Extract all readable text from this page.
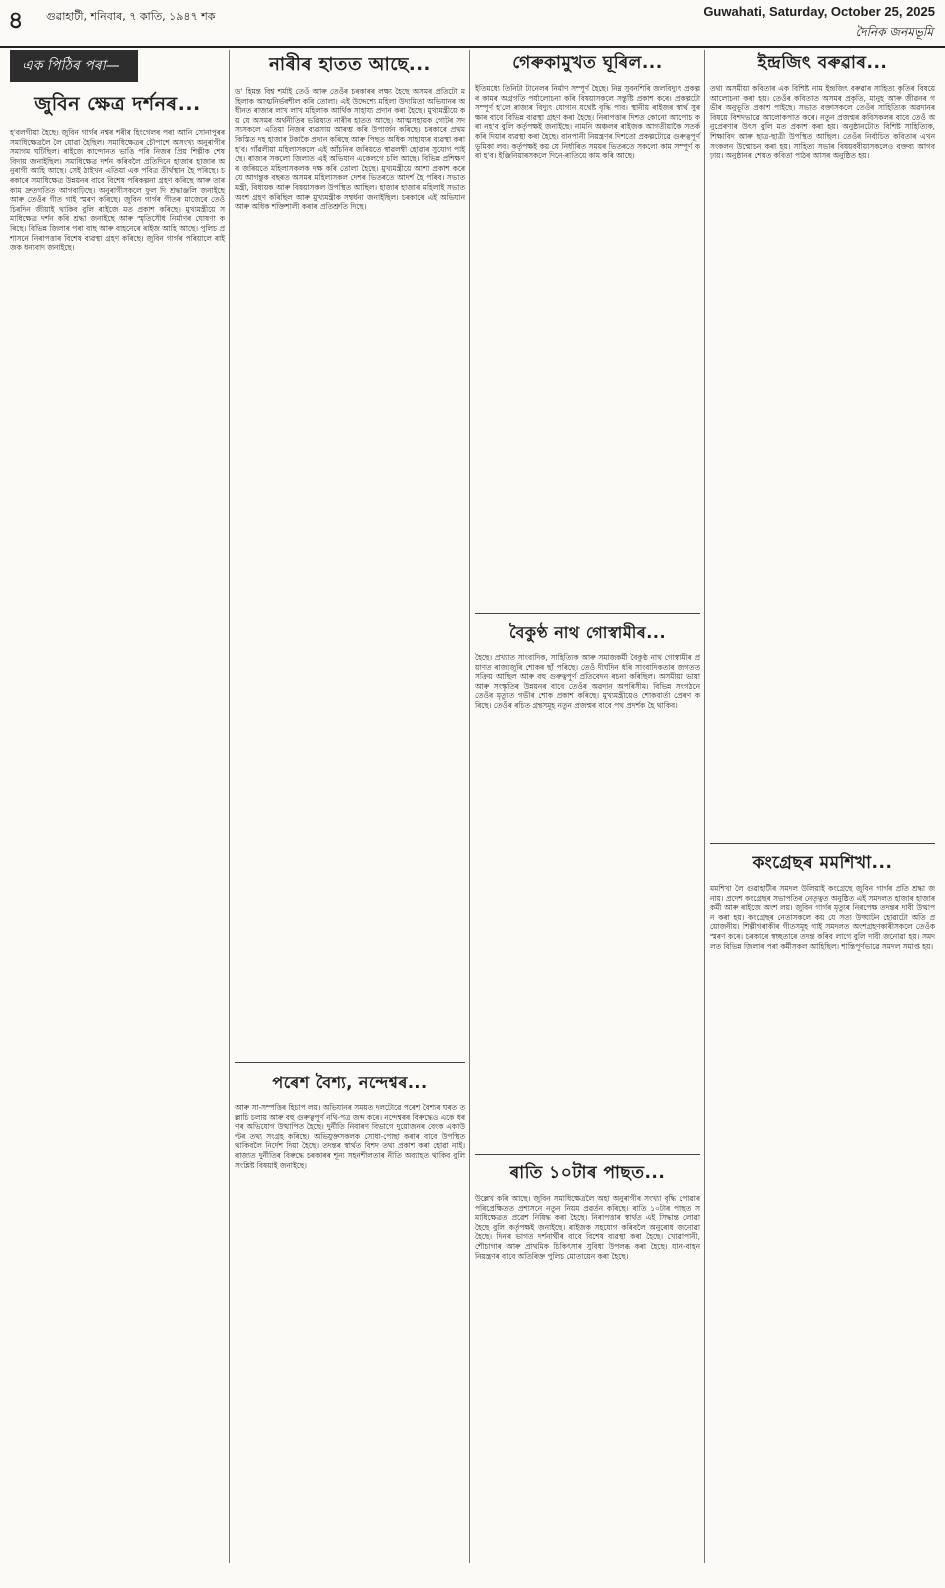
৪ গুৱাহাটী, শনিবাৰ, ৭ কাতি, ১৯৪৭ শক	Guwahati, Saturday, October 25, 2025
দৈনিক জনমভূমি
এক পিঠিৰ পৰা—
জুবিন ক্ষেত্ৰ দৰ্শনৰ...
হ'বলগীয়া হৈছে। জুবিন গাৰ্গৰ নশ্বৰ শৰীৰ হিংগেলৰ পৰা আনি সোনাপুৰৰ সমাধিক্ষেত্ৰলৈ লৈ যোৱা হৈছিল। সমাধিক্ষেত্ৰৰ চৌপাশে অসংখ্য অনুৰাগীৰ সমাগম ঘটিছিল। ৰাইজে কান্দোনত ভাঙি পৰি নিজৰ প্ৰিয় শিল্পীক শেষ বিদায় জনাইছিল। সমাধিক্ষেত্ৰ দৰ্শন কৰিবলৈ প্ৰতিদিনে হাজাৰ হাজাৰ অনুৰাগী আহি আছে। সেই ঠাইখন এতিয়া এক পবিত্ৰ তীৰ্থস্থান হৈ পৰিছে। চৰকাৰে সমাধিক্ষেত্ৰ উন্নয়নৰ বাবে বিশেষ পৰিকল্পনা গ্ৰহণ কৰিছে আৰু তাৰ কাম দ্ৰুতগতিত আগবাঢ়িছে। অনুৰাগীসকলে ফুল দি শ্ৰদ্ধাঞ্জলি জনাইছে আৰু তেওঁৰ গীত গাই স্মৰণ কৰিছে। জুবিন গাৰ্গৰ গীতৰ মাজেৰে তেওঁ চিৰদিন জীয়াই থাকিব বুলি ৰাইজে মত প্ৰকাশ কৰিছে। মুখ্যমন্ত্ৰীয়ে সমাধিক্ষেত্ৰ দৰ্শন কৰি শ্ৰদ্ধা জনাইছে আৰু স্মৃতিসৌধ নিৰ্মাণৰ ঘোষণা কৰিছে। বিভিন্ন জিলাৰ পৰা বাছ আৰু বাহনেৰে ৰাইজ আহি আছে। পুলিচ প্ৰশাসনে নিৰাপত্তাৰ বিশেষ ব্যৱস্থা গ্ৰহণ কৰিছে। জুবিন গাৰ্গৰ পৰিয়ালে ৰাইজক ধন্যবাদ জনাইছে।
নাৰীৰ হাতত আছে...
ড' হিমন্ত বিশ্ব শৰ্মাই তেওঁ আৰু তেওঁৰ চৰকাৰৰ লক্ষ্য হৈছে অসমৰ প্ৰতিটো মহিলাক আত্মনিৰ্ভৰশীল কৰি তোলা। এই উদ্দেশ্যে মহিলা উদ্যমিতা অভিযানৰ অধীনত ৰাজ্যৰ লাখ লাখ মহিলাক আৰ্থিক সাহায্য প্ৰদান কৰা হৈছে। মুখ্যমন্ত্ৰীয়ে কয় যে অসমৰ অৰ্থনীতিৰ ভৱিষ্যত নাৰীৰ হাতত আছে। আত্মসহায়ক গোটৰ সদস্যসকলে এতিয়া নিজৰ ব্যৱসায় আৰম্ভ কৰি উপাৰ্জন কৰিছে। চৰকাৰে প্ৰথম কিস্তিত দহ হাজাৰ টকাকৈ প্ৰদান কৰিছে আৰু পিছত অধিক সাহায্যৰ ব্যৱস্থা কৰা হ'ব। গাঁৱলীয়া মহিলাসকলে এই আঁচনিৰ জৰিয়তে স্বাৱলম্বী হোৱাৰ সুযোগ পাইছে। ৰাজ্যৰ সকলো জিলাত এই অভিযান একেলগে চলি আছে। বিভিন্ন প্ৰশিক্ষণৰ জৰিয়তে মহিলাসকলক দক্ষ কৰি তোলা হৈছে। মুখ্যমন্ত্ৰীয়ে আশা প্ৰকাশ কৰে যে আগন্তুক বছৰত অসমৰ মহিলাসকল দেশৰ ভিতৰতে আদৰ্শ হৈ পৰিব। সভাত মন্ত্ৰী, বিধায়ক আৰু বিষয়াসকল উপস্থিত আছিল। হাজাৰ হাজাৰ মহিলাই সভাত অংশ গ্ৰহণ কৰিছিল আৰু মুখ্যমন্ত্ৰীক সম্বৰ্ধনা জনাইছিল। চৰকাৰে এই অভিযান আৰু অধিক শক্তিশালী কৰাৰ প্ৰতিশ্ৰুতি দিছে।
পৰেশ বৈশ্য, নন্দেশ্বৰ...
আৰু সা-সম্পত্তিৰ হিচাপ লয়। অভিযানৰ সময়ত দলটোৱে পৰেশ বৈশ্যৰ ঘৰত তল্লাচি চলায় আৰু বহু গুৰুত্বপূৰ্ণ নথি-পত্ৰ জব্দ কৰে। নন্দেশ্বৰৰ বিৰুদ্ধেও একে ধৰণৰ অভিযোগ উত্থাপিত হৈছে। দুৰ্নীতি নিবাৰণ বিভাগে দুয়োজনৰ বেংক একাউণ্টৰ তথ্য সংগ্ৰহ কৰিছে। অভিযুক্তসকলক সোধা-পোছা কৰাৰ বাবে উপস্থিত থাকিবলৈ নিৰ্দেশ দিয়া হৈছে। তদন্তৰ স্বাৰ্থত বিশদ তথ্য প্ৰকাশ কৰা হোৱা নাই। ৰাজ্যত দুৰ্নীতিৰ বিৰুদ্ধে চৰকাৰৰ শূন্য সহনশীলতাৰ নীতি অব্যাহত থাকিব বুলি সংশ্লিষ্ট বিষয়াই জনাইছে।
গেৰুকামুখত ঘূৰিল...
ইতিমধ্যে তিনিটা টানেলৰ নিৰ্মাণ সম্পূৰ্ণ হৈছে। নিম্ন সুবনশিৰি জলবিদ্যুৎ প্ৰকল্পৰ কামৰ অগ্ৰগতি পৰ্যালোচনা কৰি বিষয়াসকলে সন্তুষ্টি প্ৰকাশ কৰে। প্ৰকল্পটো সম্পূৰ্ণ হ'লে ৰাজ্যৰ বিদ্যুৎ যোগান যথেষ্ট বৃদ্ধি পাব। স্থানীয় ৰাইজৰ স্বাৰ্থ সুৰক্ষাৰ বাবে বিভিন্ন ব্যৱস্থা গ্ৰহণ কৰা হৈছে। নিৰাপত্তাৰ দিশত কোনো আপোচ কৰা নহ'ব বুলি কৰ্তৃপক্ষই জনাইছে। নামনি অঞ্চলৰ ৰাইজক আগতীয়াকৈ সতৰ্ক কৰি দিয়াৰ ব্যৱস্থা কৰা হৈছে। বানপানী নিয়ন্ত্ৰণৰ দিশতো প্ৰকল্পটোৱে গুৰুত্বপূৰ্ণ ভূমিকা লব। কৰ্তৃপক্ষই কয় যে নিৰ্ধাৰিত সময়ৰ ভিতৰতে সকলো কাম সম্পূৰ্ণ কৰা হ'ব। ইঞ্জিনিয়াৰসকলে দিনে-ৰাতিয়ে কাম কৰি আছে।
বৈকুণ্ঠ নাথ গোস্বামীৰ...
হৈছে। প্ৰখ্যাত সাংবাদিক, সাহিত্যিক আৰু সমাজকৰ্মী বৈকুণ্ঠ নাথ গোস্বামীৰ প্ৰয়াণত ৰাজ্যজুৰি শোকৰ ছাঁ পৰিছে। তেওঁ দীৰ্ঘদিন ধৰি সাংবাদিকতাৰ জগতত সক্ৰিয় আছিল আৰু বহু গুৰুত্বপূৰ্ণ প্ৰতিবেদন ৰচনা কৰিছিল। অসমীয়া ভাষা আৰু সংস্কৃতিৰ উন্নয়নৰ বাবে তেওঁৰ অৱদান অপৰিসীম। বিভিন্ন সংগঠনে তেওঁৰ মৃত্যুত গভীৰ শোক প্ৰকাশ কৰিছে। মুখ্যমন্ত্ৰীয়েও শোকবাৰ্তা প্ৰেৰণ কৰিছে। তেওঁৰ ৰচিত গ্ৰন্থসমূহ নতুন প্ৰজন্মৰ বাবে পথ প্ৰদৰ্শক হৈ থাকিব।
ৰাতি ১০টাৰ পাছত...
উল্লেখ কৰি আছে। জুবিন সমাধিক্ষেত্ৰলৈ অহা অনুৰাগীৰ সংখ্যা বৃদ্ধি পোৱাৰ পৰিপ্ৰেক্ষিতত প্ৰশাসনে নতুন নিয়ম প্ৰৱৰ্তন কৰিছে। ৰাতি ১০টাৰ পাছত সমাধিক্ষেত্ৰত প্ৰৱেশ নিষিদ্ধ কৰা হৈছে। নিৰাপত্তাৰ স্বাৰ্থত এই সিদ্ধান্ত লোৱা হৈছে বুলি কৰ্তৃপক্ষই জনাইছে। ৰাইজক সহযোগ কৰিবলৈ অনুৰোধ জনোৱা হৈছে। দিনৰ ভাগত দৰ্শনাৰ্থীৰ বাবে বিশেষ ব্যৱস্থা কৰা হৈছে। খোৱাপানী, শৌচাগাৰ আৰু প্ৰাথমিক চিকিৎসাৰ সুবিধা উপলব্ধ কৰা হৈছে। যান-বাহন নিয়ন্ত্ৰণৰ বাবে অতিৰিক্ত পুলিচ মোতায়েন কৰা হৈছে।
ইন্দ্ৰজিৎ বৰুৱাৰ...
তথা অসমীয়া কবিতাৰ এক বিশিষ্ট নাম ইন্দ্ৰজিৎ বৰুৱাৰ সাহিত্য কৃতিৰ বিষয়ে আলোচনা কৰা হয়। তেওঁৰ কবিতাত অসমৰ প্ৰকৃতি, মানুহ আৰু জীৱনৰ গভীৰ অনুভূতি প্ৰকাশ পাইছে। সভাত বক্তাসকলে তেওঁৰ সাহিত্যিক অৱদানৰ বিষয়ে বিশদভাৱে আলোকপাত কৰে। নতুন প্ৰজন্মৰ কবিসকলৰ বাবে তেওঁ অনুপ্ৰেৰণাৰ উৎস বুলি মত প্ৰকাশ কৰা হয়। অনুষ্ঠানটোত বিশিষ্ট সাহিত্যিক, শিক্ষাবিদ আৰু ছাত্ৰ-ছাত্ৰী উপস্থিত আছিল। তেওঁৰ নিৰ্বাচিত কবিতাৰ এখন সংকলন উন্মোচন কৰা হয়। সাহিত্য সভাৰ বিষয়ববীয়াসকলেও বক্তব্য আগবঢ়ায়। অনুষ্ঠানৰ শেষত কবিতা পাঠৰ আসৰ অনুষ্ঠিত হয়।
কংগ্ৰেছৰ মমশিখা...
মমশিখা লৈ গুৱাহাটীৰ সমদল উলিয়াই কংগ্ৰেছে জুবিন গাৰ্গৰ প্ৰতি শ্ৰদ্ধা জনায়। প্ৰদেশ কংগ্ৰেছৰ সভাপতিৰ নেতৃত্বত অনুষ্ঠিত এই সমদলত হাজাৰ হাজাৰ কৰ্মী আৰু ৰাইজে অংশ লয়। জুবিন গাৰ্গৰ মৃত্যুৰ নিৰপেক্ষ তদন্তৰ দাবী উত্থাপন কৰা হয়। কংগ্ৰেছৰ নেতাসকলে কয় যে সত্য উদ্ঘাটন হোৱাটো অতি প্ৰয়োজনীয়। শিল্পীগৰাকীৰ গীতসমূহ গাই সমদলত অংশগ্ৰহণকাৰীসকলে তেওঁক স্মৰণ কৰে। চৰকাৰে স্বচ্ছতাৰে তদন্ত কৰিব লাগে বুলি দাবী জনোৱা হয়। সমদলত বিভিন্ন জিলাৰ পৰা কৰ্মীসকল আহিছিল। শান্তিপূৰ্ণভাৱে সমদল সমাপ্ত হয়।
